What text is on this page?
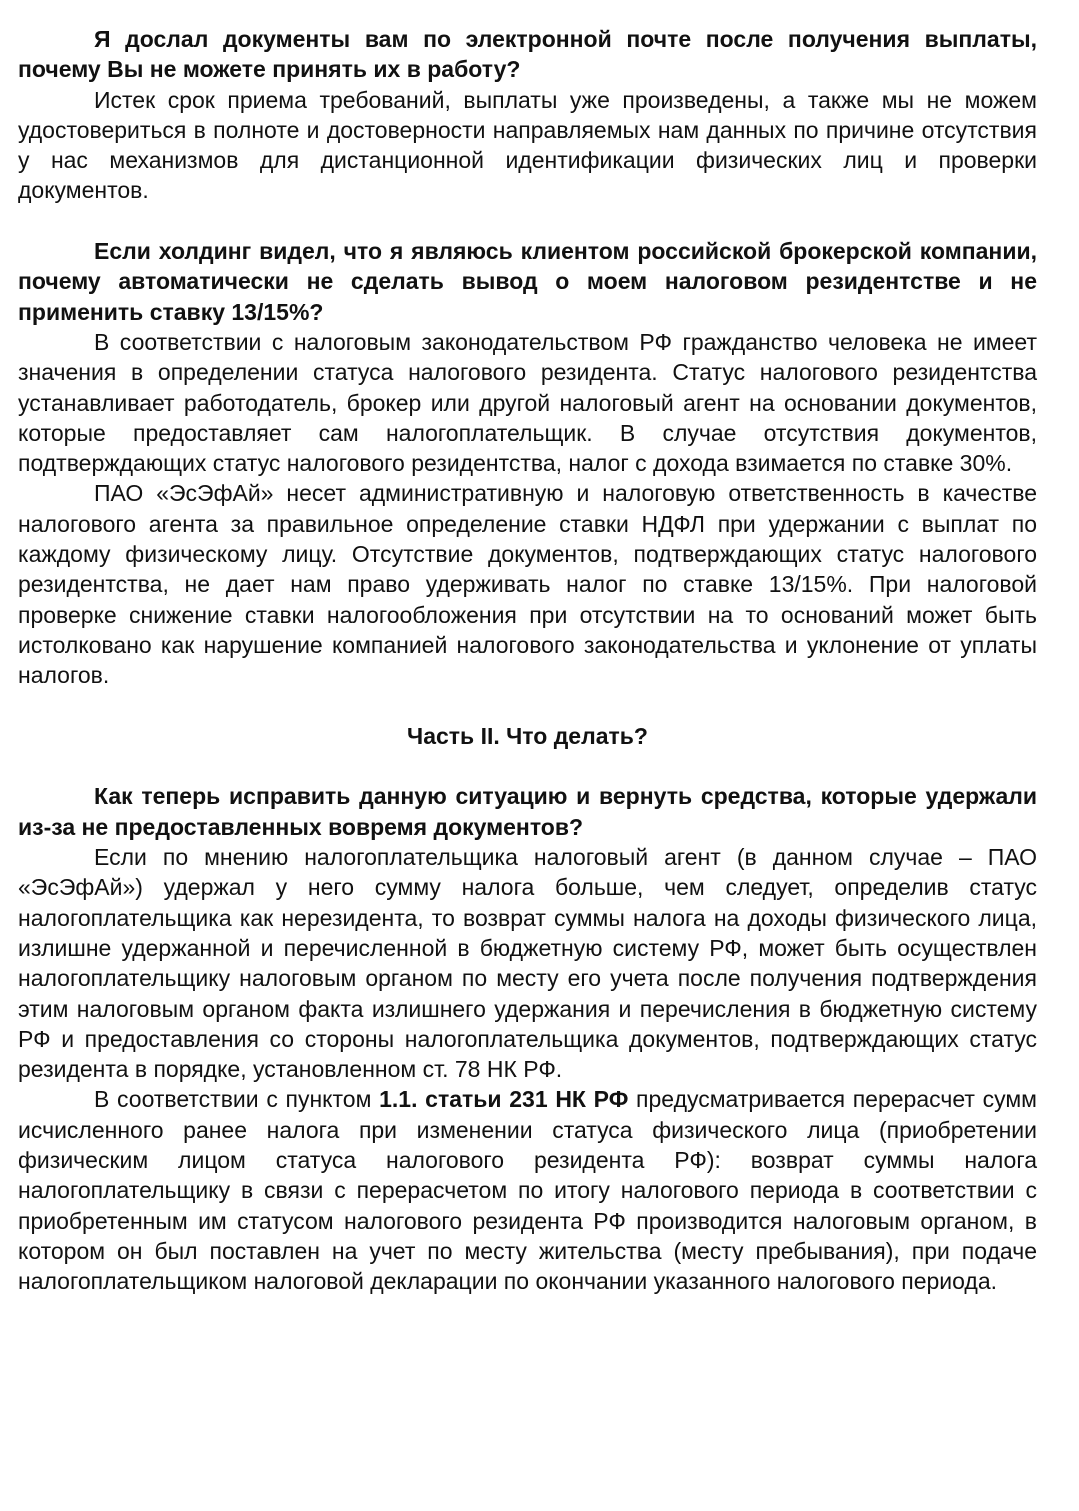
Я дослал документы вам по электронной почте после получения выплаты, почему Вы не можете принять их в работу?

Истек срок приема требований, выплаты уже произведены, а также мы не можем удостовериться в полноте и достоверности направляемых нам данных по причине отсутствия у нас механизмов для дистанционной идентификации физических лиц и проверки документов.

Если холдинг видел, что я являюсь клиентом российской брокерской компании, почему автоматически не сделать вывод о моем налоговом резидентстве и не применить ставку 13/15%?

В соответствии с налоговым законодательством РФ гражданство человека не имеет значения в определении статуса налогового резидента. Статус налогового резидентства устанавливает работодатель, брокер или другой налоговый агент на основании документов, которые предоставляет сам налогоплательщик. В случае отсутствия документов, подтверждающих статус налогового резидентства, налог с дохода взимается по ставке 30%.

ПАО «ЭсЭфАй» несет административную и налоговую ответственность в качестве налогового агента за правильное определение ставки НДФЛ при удержании с выплат по каждому физическому лицу. Отсутствие документов, подтверждающих статус налогового резидентства, не дает нам право удерживать налог по ставке 13/15%. При налоговой проверке снижение ставки налогообложения при отсутствии на то оснований может быть истолковано как нарушение компанией налогового законодательства и уклонение от уплаты налогов.

Часть II. Что делать?

Как теперь исправить данную ситуацию и вернуть средства, которые удержали из-за не предоставленных вовремя документов?

Если по мнению налогоплательщика налоговый агент (в данном случае – ПАО «ЭсЭфАй») удержал у него сумму налога больше, чем следует, определив статус налогоплательщика как нерезидента, то возврат суммы налога на доходы физического лица, излишне удержанной и перечисленной в бюджетную систему РФ, может быть осуществлен налогоплательщику налоговым органом по месту его учета после получения подтверждения этим налоговым органом факта излишнего удержания и перечисления в бюджетную систему РФ и предоставления со стороны налогоплательщика документов, подтверждающих статус резидента в порядке, установленном ст. 78 НК РФ.

В соответствии с пунктом 1.1. статьи 231 НК РФ предусматривается перерасчет сумм исчисленного ранее налога при изменении статуса физического лица (приобретении физическим лицом статуса налогового резидента РФ): возврат суммы налога налогоплательщику в связи с перерасчетом по итогу налогового периода в соответствии с приобретенным им статусом налогового резидента РФ производится налоговым органом, в котором он был поставлен на учет по месту жительства (месту пребывания), при подаче налогоплательщиком налоговой декларации по окончании указанного налогового периода.
